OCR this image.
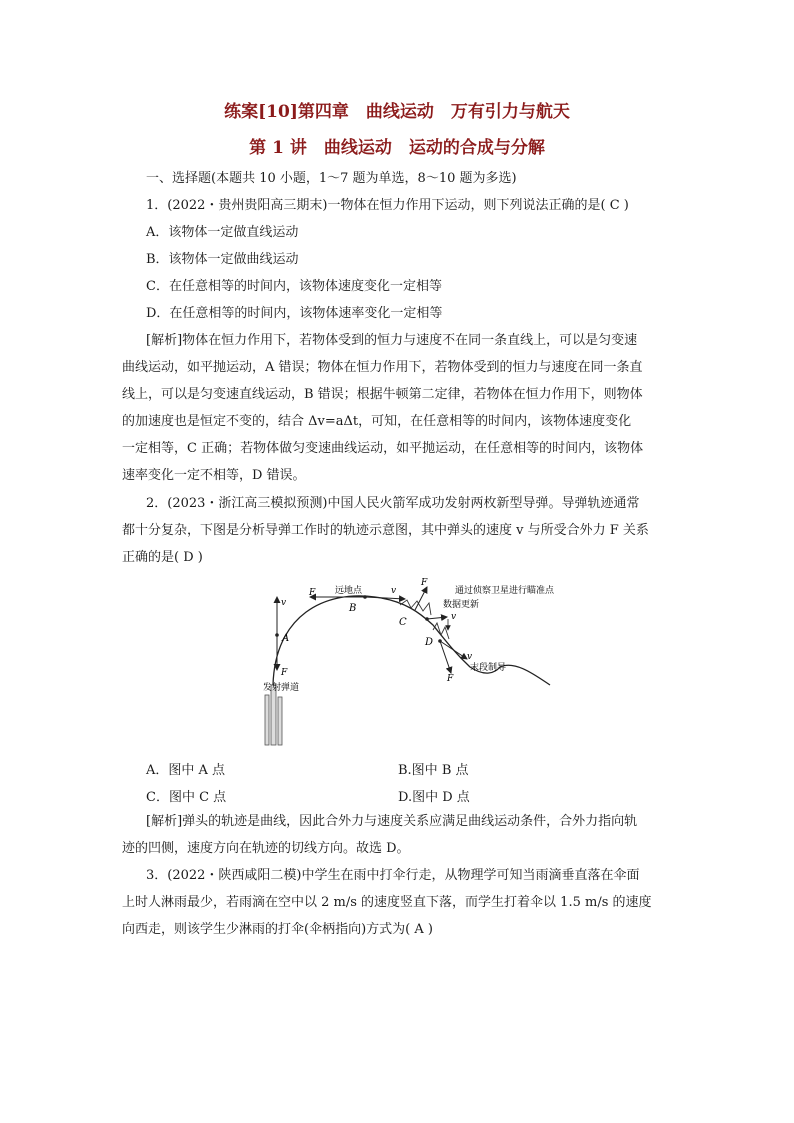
练案[10]第四章　曲线运动　万有引力与航天
第 1 讲　曲线运动　运动的合成与分解
一、选择题(本题共 10 小题，1～7 题为单选，8～10 题为多选)
1．(2022・贵州贵阳高三期末)一物体在恒力作用下运动，则下列说法正确的是( C )
A．该物体一定做直线运动
B．该物体一定做曲线运动
C．在任意相等的时间内，该物体速度变化一定相等
D．在任意相等的时间内，该物体速率变化一定相等
[解析]物体在恒力作用下，若物体受到的恒力与速度不在同一条直线上，可以是匀变速
曲线运动，如平抛运动，A 错误；物体在恒力作用下，若物体受到的恒力与速度在同一条直
线上，可以是匀变速直线运动，B 错误；根据牛顿第二定律，若物体在恒力作用下，则物体
的加速度也是恒定不变的，结合 Δv=aΔt，可知，在任意相等的时间内，该物体速度变化
一定相等，C 正确；若物体做匀变速曲线运动，如平抛运动，在任意相等的时间内，该物体
速率变化一定不相等，D 错误。
2．(2023・浙江高三模拟预测)中国人民火箭军成功发射两枚新型导弹。导弹轨迹通常
都十分复杂，下图是分析导弹工作时的轨迹示意图，其中弹头的速度 v 与所受合外力 F 关系
正确的是( D )
A
B
C
D
F
F
F
F
v
v
v
v
远地点	通过侦察卫星进行瞄准点
数据更新
末段制导
发射弹道
A．图中 A 点	B.图中 B 点
C．图中 C 点	D.图中 D 点
[解析]弹头的轨迹是曲线，因此合外力与速度关系应满足曲线运动条件，合外力指向轨
迹的凹侧，速度方向在轨迹的切线方向。故选 D。
3．(2022・陕西咸阳二模)中学生在雨中打伞行走，从物理学可知当雨滴垂直落在伞面
上时人淋雨最少，若雨滴在空中以 2 m/s 的速度竖直下落，而学生打着伞以 1.5 m/s 的速度
向西走，则该学生少淋雨的打伞(伞柄指向)方式为( A )
